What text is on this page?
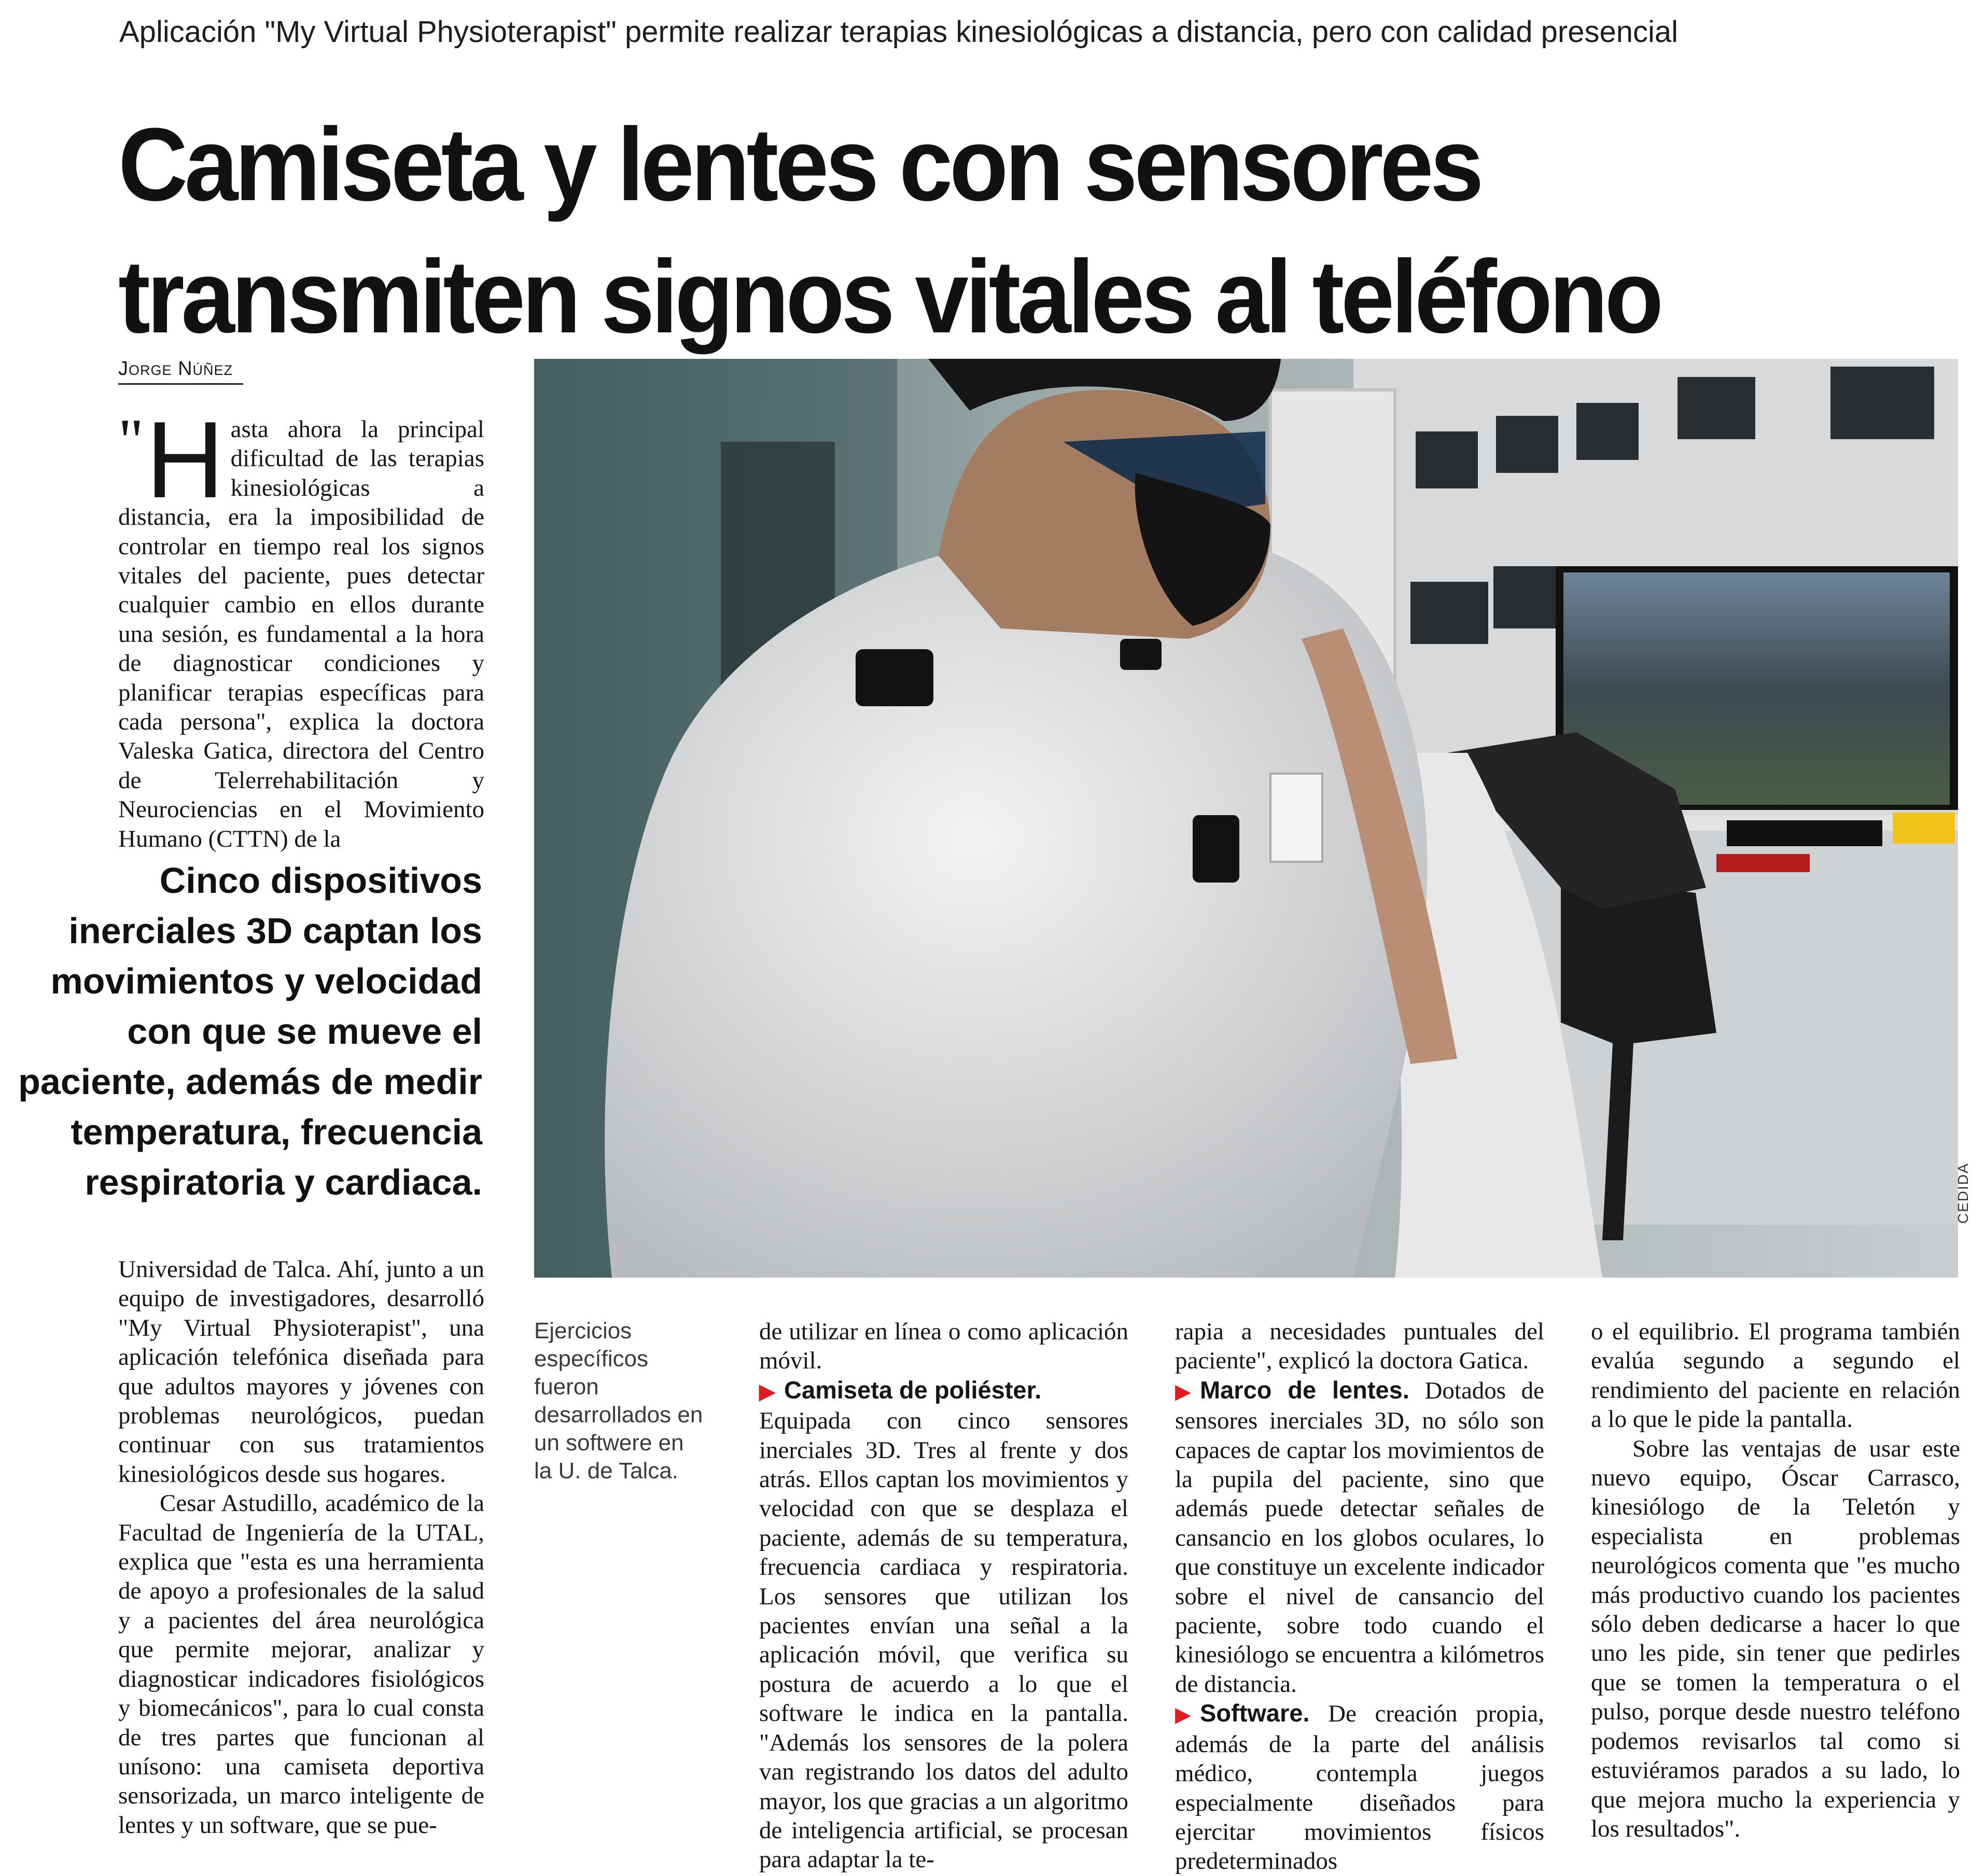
Aplicación "My Virtual Physioterapist" permite realizar terapias kinesiológicas a distancia, pero con calidad presencial
Camiseta y lentes con sensores
transmiten signos vitales al teléfono
Jorge Núñez
" H asta ahora la principal dificultad de las terapias kinesiológicas a distancia, era la imposibilidad de controlar en tiempo real los signos vitales del paciente, pues detectar cualquier cambio en ellos durante una sesión, es fundamental a la hora de diagnosticar condiciones y planificar terapias específicas para cada persona", explica la doctora Valeska Gatica, directora del Centro de Telerrehabilitación y Neurociencias en el Movimiento Humano (CTTN) de la
Cinco dispositivos inerciales 3D captan los movimientos y velocidad con que se mueve el paciente, además de medir temperatura, frecuencia respiratoria y cardiaca.

Universidad de Talca. Ahí, junto a un equipo de investigadores, desarrolló "My Virtual Physioterapist", una aplicación telefónica diseñada para que adultos mayores y jóvenes con problemas neurológicos, puedan continuar con sus tratamientos kinesiológicos desde sus hogares.

Cesar Astudillo, académico de la Facultad de Ingeniería de la UTAL, explica que "esta es una herramienta de apoyo a profesionales de la salud y a pacientes del área neurológica que permite mejorar, analizar y diagnosticar indicadores fisiológicos y biomecánicos", para lo cual consta de tres partes que funcionan al unísono: una camiseta deportiva sensorizada, un marco inteligente de lentes y un software, que se pue-

CEDIDA
Ejercicios específicos fueron desarrollados en un softwere en la U. de Talca.

de utilizar en línea o como aplicación móvil.

▶ Camiseta de poliéster.

Equipada con cinco sensores inerciales 3D. Tres al frente y dos atrás. Ellos captan los movimientos y velocidad con que se desplaza el paciente, además de su temperatura, frecuencia cardiaca y respiratoria. Los sensores que utilizan los pacientes envían una señal a la aplicación móvil, que verifica su postura de acuerdo a lo que el software le indica en la pantalla. "Además los sensores de la polera van registrando los datos del adulto mayor, los que gracias a un algoritmo de inteligencia artificial, se procesan para adaptar la te-

rapia a necesidades puntuales del paciente", explicó la doctora Gatica.

▶ Marco de lentes. Dotados de sensores inerciales 3D, no sólo son capaces de captar los movimientos de la pupila del paciente, sino que además puede detectar señales de cansancio en los globos oculares, lo que constituye un excelente indicador sobre el nivel de cansancio del paciente, sobre todo cuando el kinesiólogo se encuentra a kilómetros de distancia.

▶ Software. De creación propia, además de la parte del análisis médico, contempla juegos especialmente diseñados para ejercitar movimientos físicos predeterminados

o el equilibrio. El programa también evalúa segundo a segundo el rendimiento del paciente en relación a lo que le pide la pantalla.

Sobre las ventajas de usar este nuevo equipo, Óscar Carrasco, kinesiólogo de la Teletón y especialista en problemas neurológicos comenta que "es mucho más productivo cuando los pacientes sólo deben dedicarse a hacer lo que uno les pide, sin tener que pedirles que se tomen la temperatura o el pulso, porque desde nuestro teléfono podemos revisarlos tal como si estuviéramos parados a su lado, lo que mejora mucho la experiencia y los resultados".
